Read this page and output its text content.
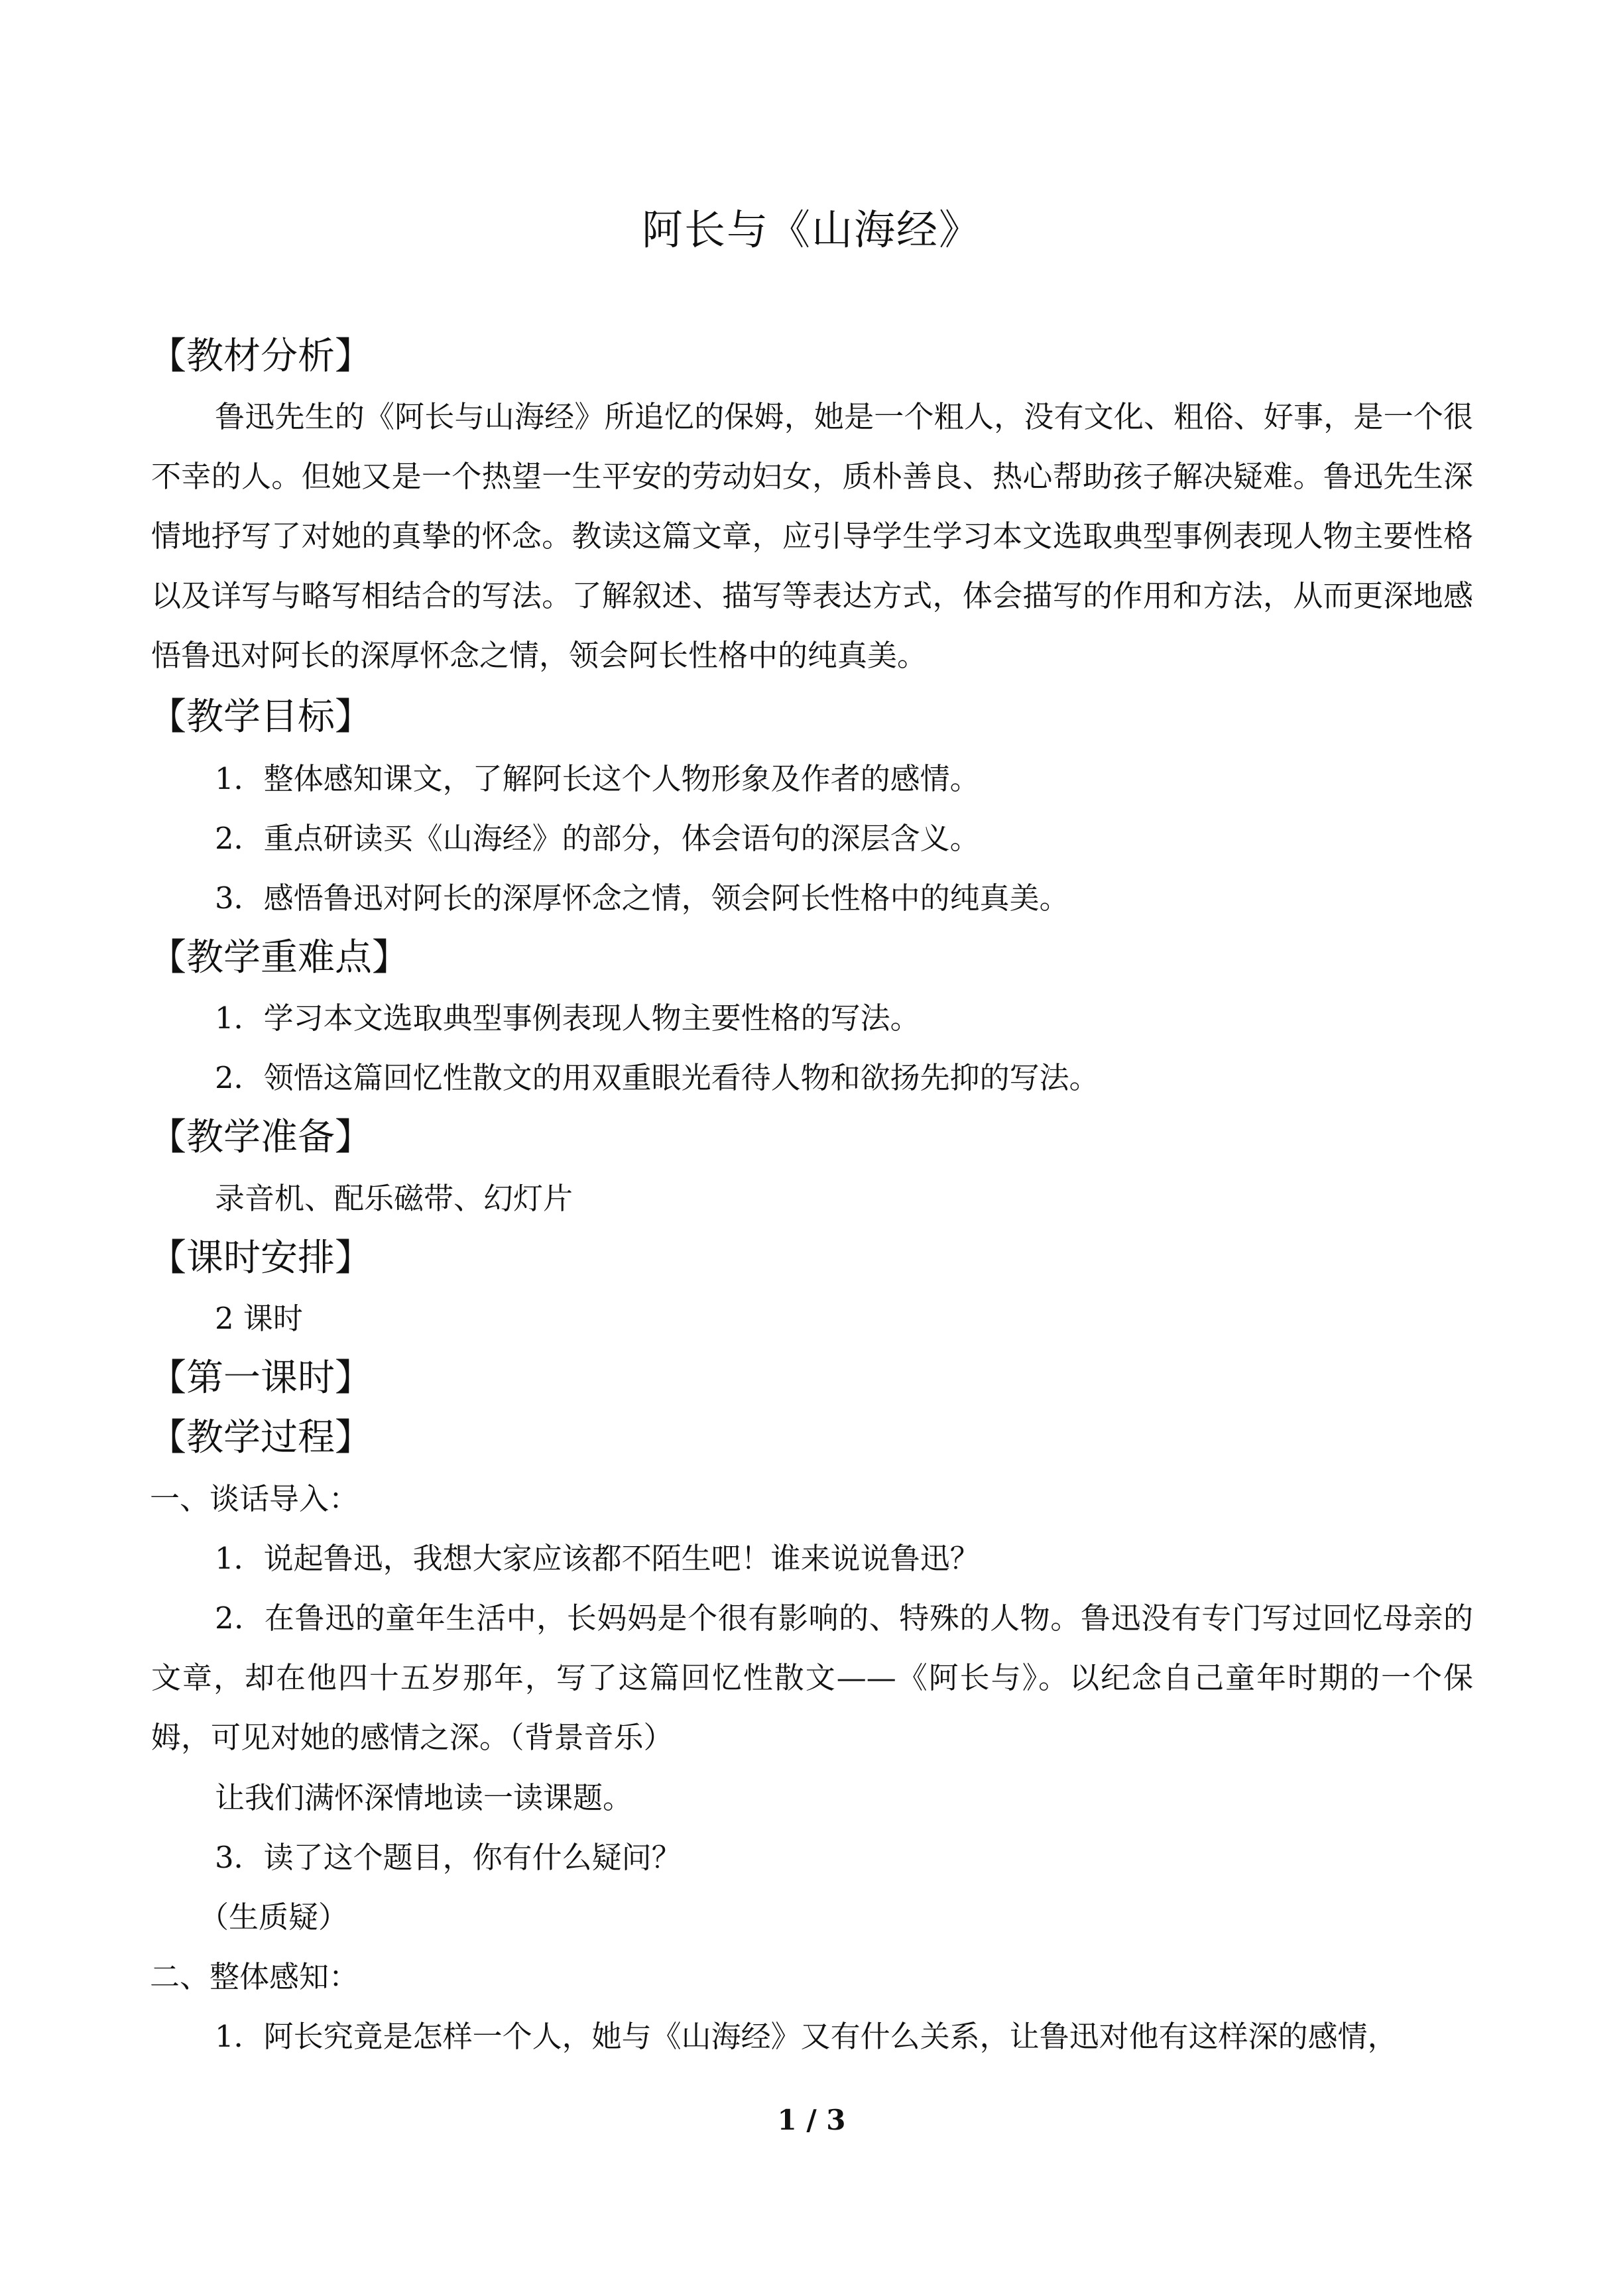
阿长与《山海经》
【教材分析】
鲁迅先生的《阿长与山海经》所追忆的保姆，她是一个粗人，没有文化、粗俗、好事，是一个很不幸的人。但她又是一个热望一生平安的劳动妇女，质朴善良、热心帮助孩子解决疑难。鲁迅先生深情地抒写了对她的真挚的怀念。教读这篇文章，应引导学生学习本文选取典型事例表现人物主要性格以及详写与略写相结合的写法。了解叙述、描写等表达方式，体会描写的作用和方法，从而更深地感悟鲁迅对阿长的深厚怀念之情，领会阿长性格中的纯真美。
【教学目标】
1．整体感知课文，了解阿长这个人物形象及作者的感情。
2．重点研读买《山海经》的部分，体会语句的深层含义。
3．感悟鲁迅对阿长的深厚怀念之情，领会阿长性格中的纯真美。
【教学重难点】
1．学习本文选取典型事例表现人物主要性格的写法。
2．领悟这篇回忆性散文的用双重眼光看待人物和欲扬先抑的写法。
【教学准备】
录音机、配乐磁带、幻灯片
【课时安排】
2 课时
【第一课时】
【教学过程】
一、谈话导入：
1．说起鲁迅，我想大家应该都不陌生吧！谁来说说鲁迅？
2．在鲁迅的童年生活中，长妈妈是个很有影响的、特殊的人物。鲁迅没有专门写过回忆母亲的文章，却在他四十五岁那年，写了这篇回忆性散文——《阿长与》。以纪念自己童年时期的一个保姆，可见对她的感情之深。（背景音乐）
让我们满怀深情地读一读课题。
3．读了这个题目，你有什么疑问？
（生质疑）
二、整体感知：
1．阿长究竟是怎样一个人，她与《山海经》又有什么关系，让鲁迅对他有这样深的感情，
1 / 3
